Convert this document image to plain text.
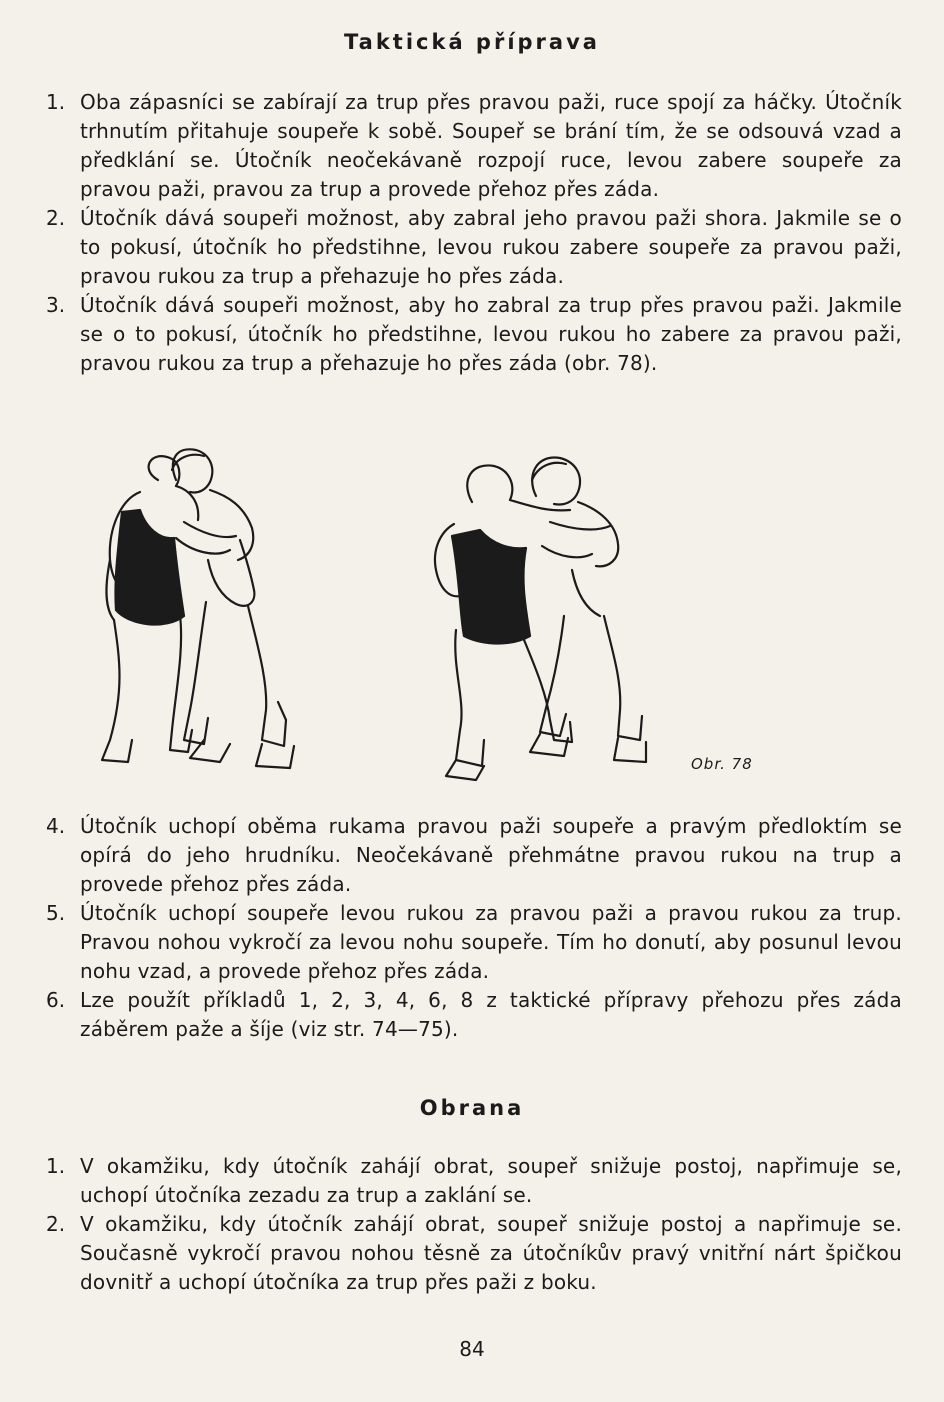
Taktická příprava
1. Oba zápasníci se zabírají za trup přes pravou paži, ruce spojí za háčky. Útočník trhnutím přitahuje soupeře k sobě. Soupeř se brání tím, že se odsouvá vzad a předklání se. Útočník neočekávaně rozpojí ruce, levou zabere soupeře za pravou paži, pravou za trup a provede přehoz přes záda.
2. Útočník dává soupeři možnost, aby zabral jeho pravou paži shora. Jakmile se o to pokusí, útočník ho předstihne, levou rukou zabere soupeře za pravou paži, pravou rukou za trup a přehazuje ho přes záda.
3. Útočník dává soupeři možnost, aby ho zabral za trup přes pravou paži. Jakmile se o to pokusí, útočník ho předstihne, levou rukou ho zabere za pravou paži, pravou rukou za trup a přehazuje ho přes záda (obr. 78).
Obr. 78
4. Útočník uchopí oběma rukama pravou paži soupeře a pravým předloktím se opírá do jeho hrudníku. Neočekávaně přehmátne pravou rukou na trup a provede přehoz přes záda.
5. Útočník uchopí soupeře levou rukou za pravou paži a pravou rukou za trup. Pravou nohou vykročí za levou nohu soupeře. Tím ho donutí, aby posunul levou nohu vzad, a provede přehoz přes záda.
6. Lze použít příkladů 1, 2, 3, 4, 6, 8 z taktické přípravy přehozu přes záda záběrem paže a šíje (viz str. 74—75).
Obrana
1. V okamžiku, kdy útočník zahájí obrat, soupeř snižuje postoj, napřimuje se, uchopí útočníka zezadu za trup a zaklání se.
2. V okamžiku, kdy útočník zahájí obrat, soupeř snižuje postoj a napřimuje se. Současně vykročí pravou nohou těsně za útočníkův pravý vnitřní nárt špičkou dovnitř a uchopí útočníka za trup přes paži z boku.
84
